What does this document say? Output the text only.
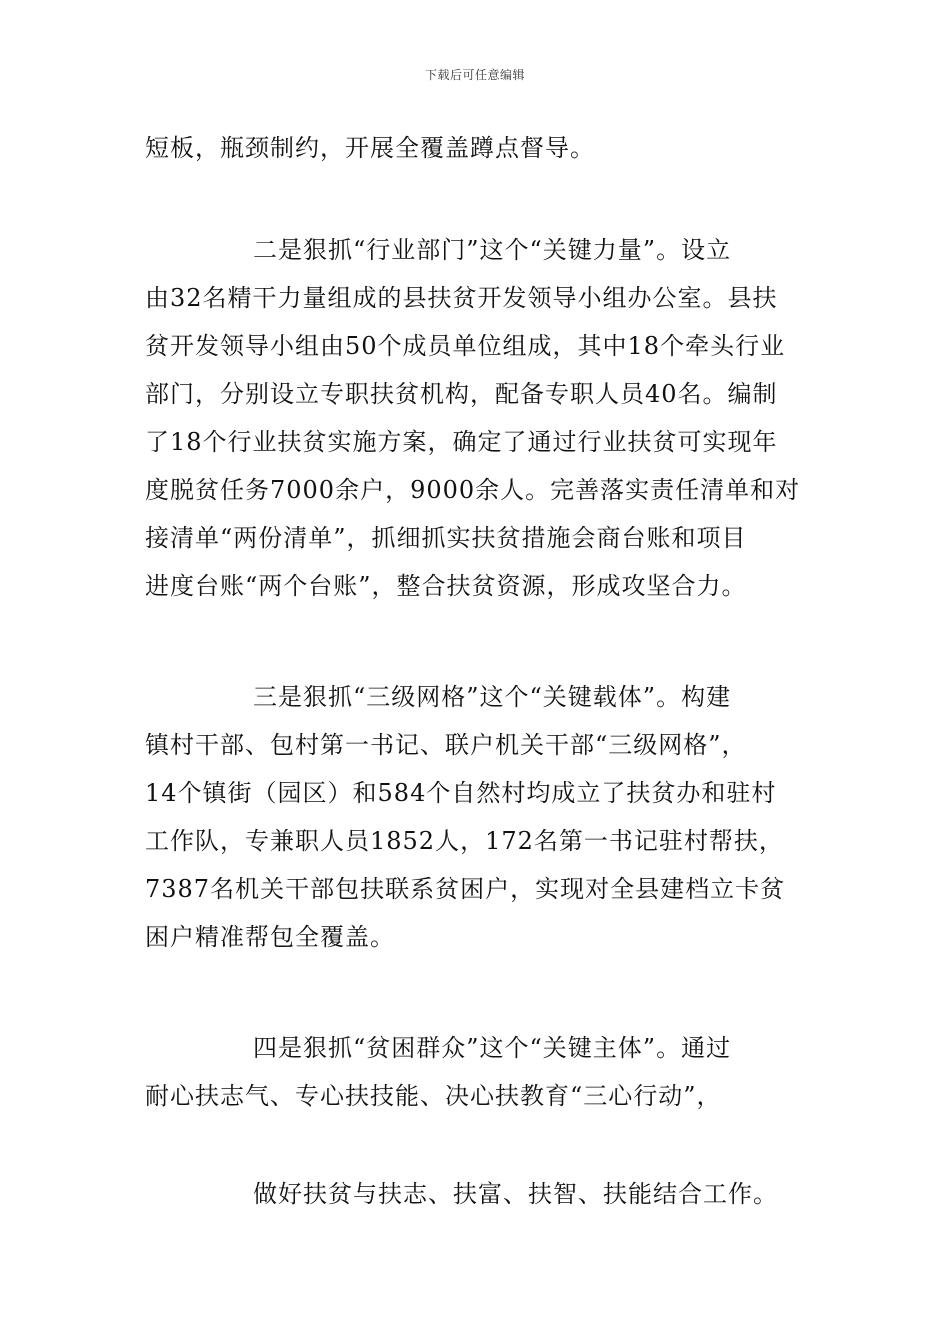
下载后可任意编辑
短板，瓶颈制约，开展全覆盖蹲点督导。
二是狠抓“行业部门”这个“关键力量”。设立
由32名精干力量组成的县扶贫开发领导小组办公室。县扶
贫开发领导小组由50个成员单位组成，其中18个牵头行业
部门，分别设立专职扶贫机构，配备专职人员40名。编制
了18个行业扶贫实施方案，确定了通过行业扶贫可实现年
度脱贫任务7000余户，9000余人。完善落实责任清单和对
接清单“两份清单”，抓细抓实扶贫措施会商台账和项目
进度台账“两个台账”，整合扶贫资源，形成攻坚合力。
三是狠抓“三级网格”这个“关键载体”。构建
镇村干部、包村第一书记、联户机关干部“三级网格”，
14个镇街（园区）和584个自然村均成立了扶贫办和驻村
工作队，专兼职人员1852人，172名第一书记驻村帮扶，
7387名机关干部包扶联系贫困户，实现对全县建档立卡贫
困户精准帮包全覆盖。
四是狠抓“贫困群众”这个“关键主体”。通过
耐心扶志气、专心扶技能、决心扶教育“三心行动”，
做好扶贫与扶志、扶富、扶智、扶能结合工作。
